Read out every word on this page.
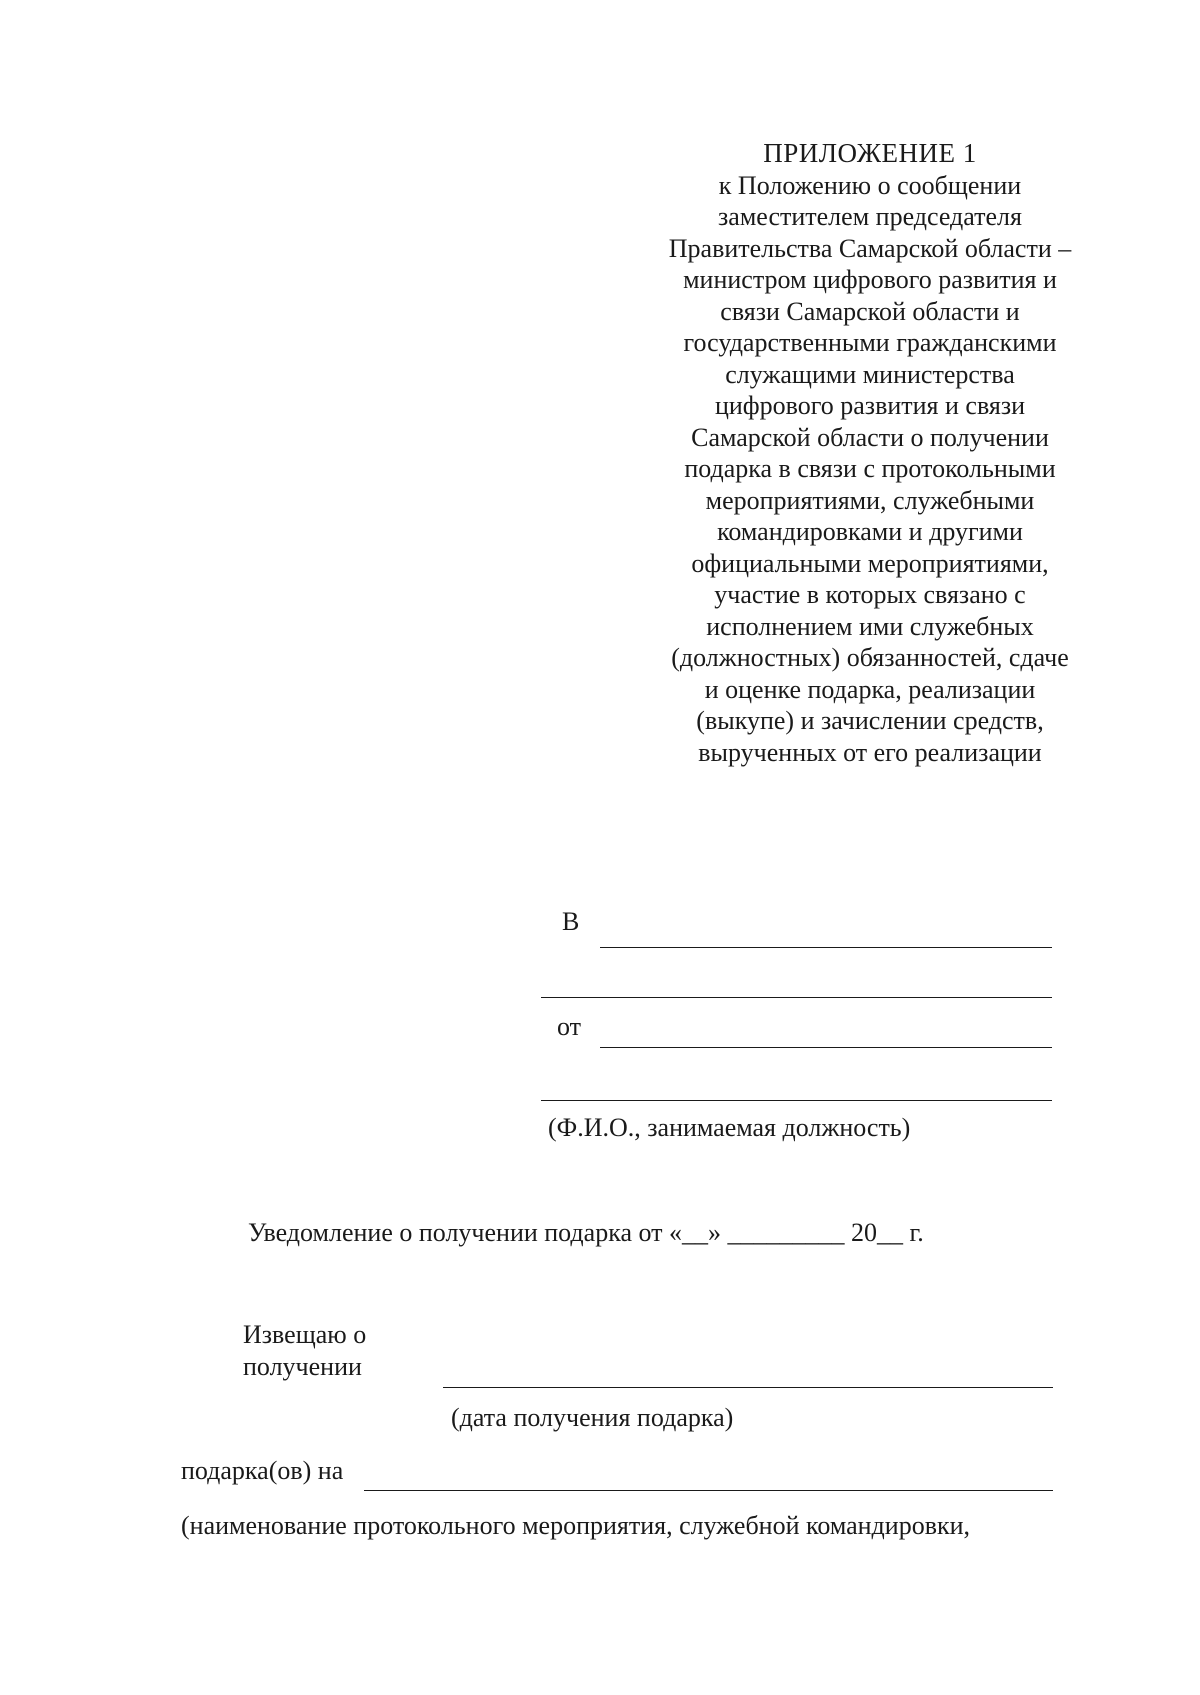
ПРИЛОЖЕНИЕ 1
к Положению о сообщении
заместителем председателя
Правительства Самарской области –
министром цифрового развития и
связи Самарской области и
государственными гражданскими
служащими министерства
цифрового развития и связи
Самарской области о получении
подарка в связи с протокольными
мероприятиями, служебными
командировками и другими
официальными мероприятиями,
участие в которых связано с
исполнением ими служебных
(должностных) обязанностей, сдаче
и оценке подарка, реализации
(выкупе) и зачислении средств,
вырученных от его реализации
В
от
(Ф.И.О., занимаемая должность)
Уведомление о получении подарка от «__» _________ 20__ г.
Извещаю о
получении
(дата получения подарка)
подарка(ов) на
(наименование протокольного мероприятия, служебной командировки,
